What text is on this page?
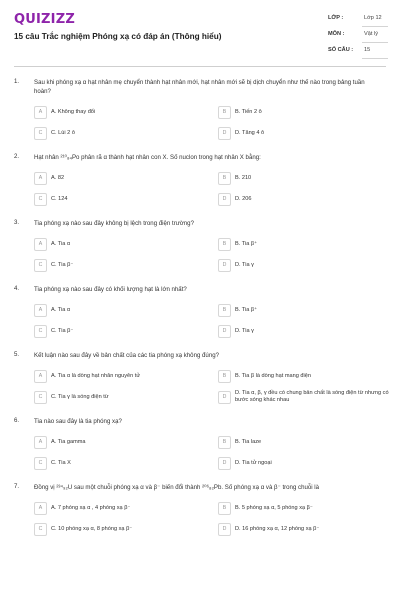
QUIZIZZ
15 câu Trắc nghiệm Phóng xạ có đáp án (Thông hiểu)
LỚP :	Lớp 12
MÔN :	Vật lý
SỐ CÂU : 15
1. Sau khi phóng xạ α hạt nhân mẹ chuyển thành hạt nhân mới, hạt nhân mới sẽ bị dịch chuyển như thế nào trong bảng tuần hoàn?
A	A. Không thay đổi	B	B. Tiến 2 ô
C	C. Lùi 2 ô	D	D. Tăng 4 ô
2. Hạt nhân ²¹⁰₈₄Po phân rã α thành hạt nhân con X. Số nuclon trong hạt nhân X bằng:
A	A. 82	B	B. 210
C	C. 124	D	D. 206
3. Tia phóng xạ nào sau đây không bị lệch trong điện trường?
A	A. Tia α	B	B. Tia β⁺
C	C. Tia β⁻	D	D. Tia γ
4. Tia phóng xạ nào sau đây có khối lượng hạt là lớn nhất?
A	A. Tia α	B	B. Tia β⁺
C	C. Tia β⁻	D	D. Tia γ
5. Kết luận nào sau đây về bản chất của các tia phóng xạ không đúng?
A	A. Tia α là dòng hạt nhân nguyên tử	B	B. Tia β là dòng hạt mang điện
C	C. Tia γ là sóng điện từ	D
D. Tia α, β, γ đều có chung bản chất là sóng điện từ nhưng có bước sóng khác nhau
6. Tia nào sau đây là tia phóng xạ?
A	A. Tia gamma	B	B. Tia laze
C	C. Tia X	D	D. Tia tử ngoại
7. Đồng vị ²³⁴₉₂U sau một chuỗi phóng xạ α và β⁻ biến đổi thành ²⁰⁶₈₂Pb. Số phóng xạ α và β⁻ trong chuỗi là
A	A. 7 phóng xạ α , 4 phóng xạ β⁻	B	B. 5 phóng xạ α, 5 phóng xạ β⁻
C	C. 10 phóng xạ α, 8 phóng xạ β⁻	D	D. 16 phóng xạ α, 12 phóng xạ β⁻
